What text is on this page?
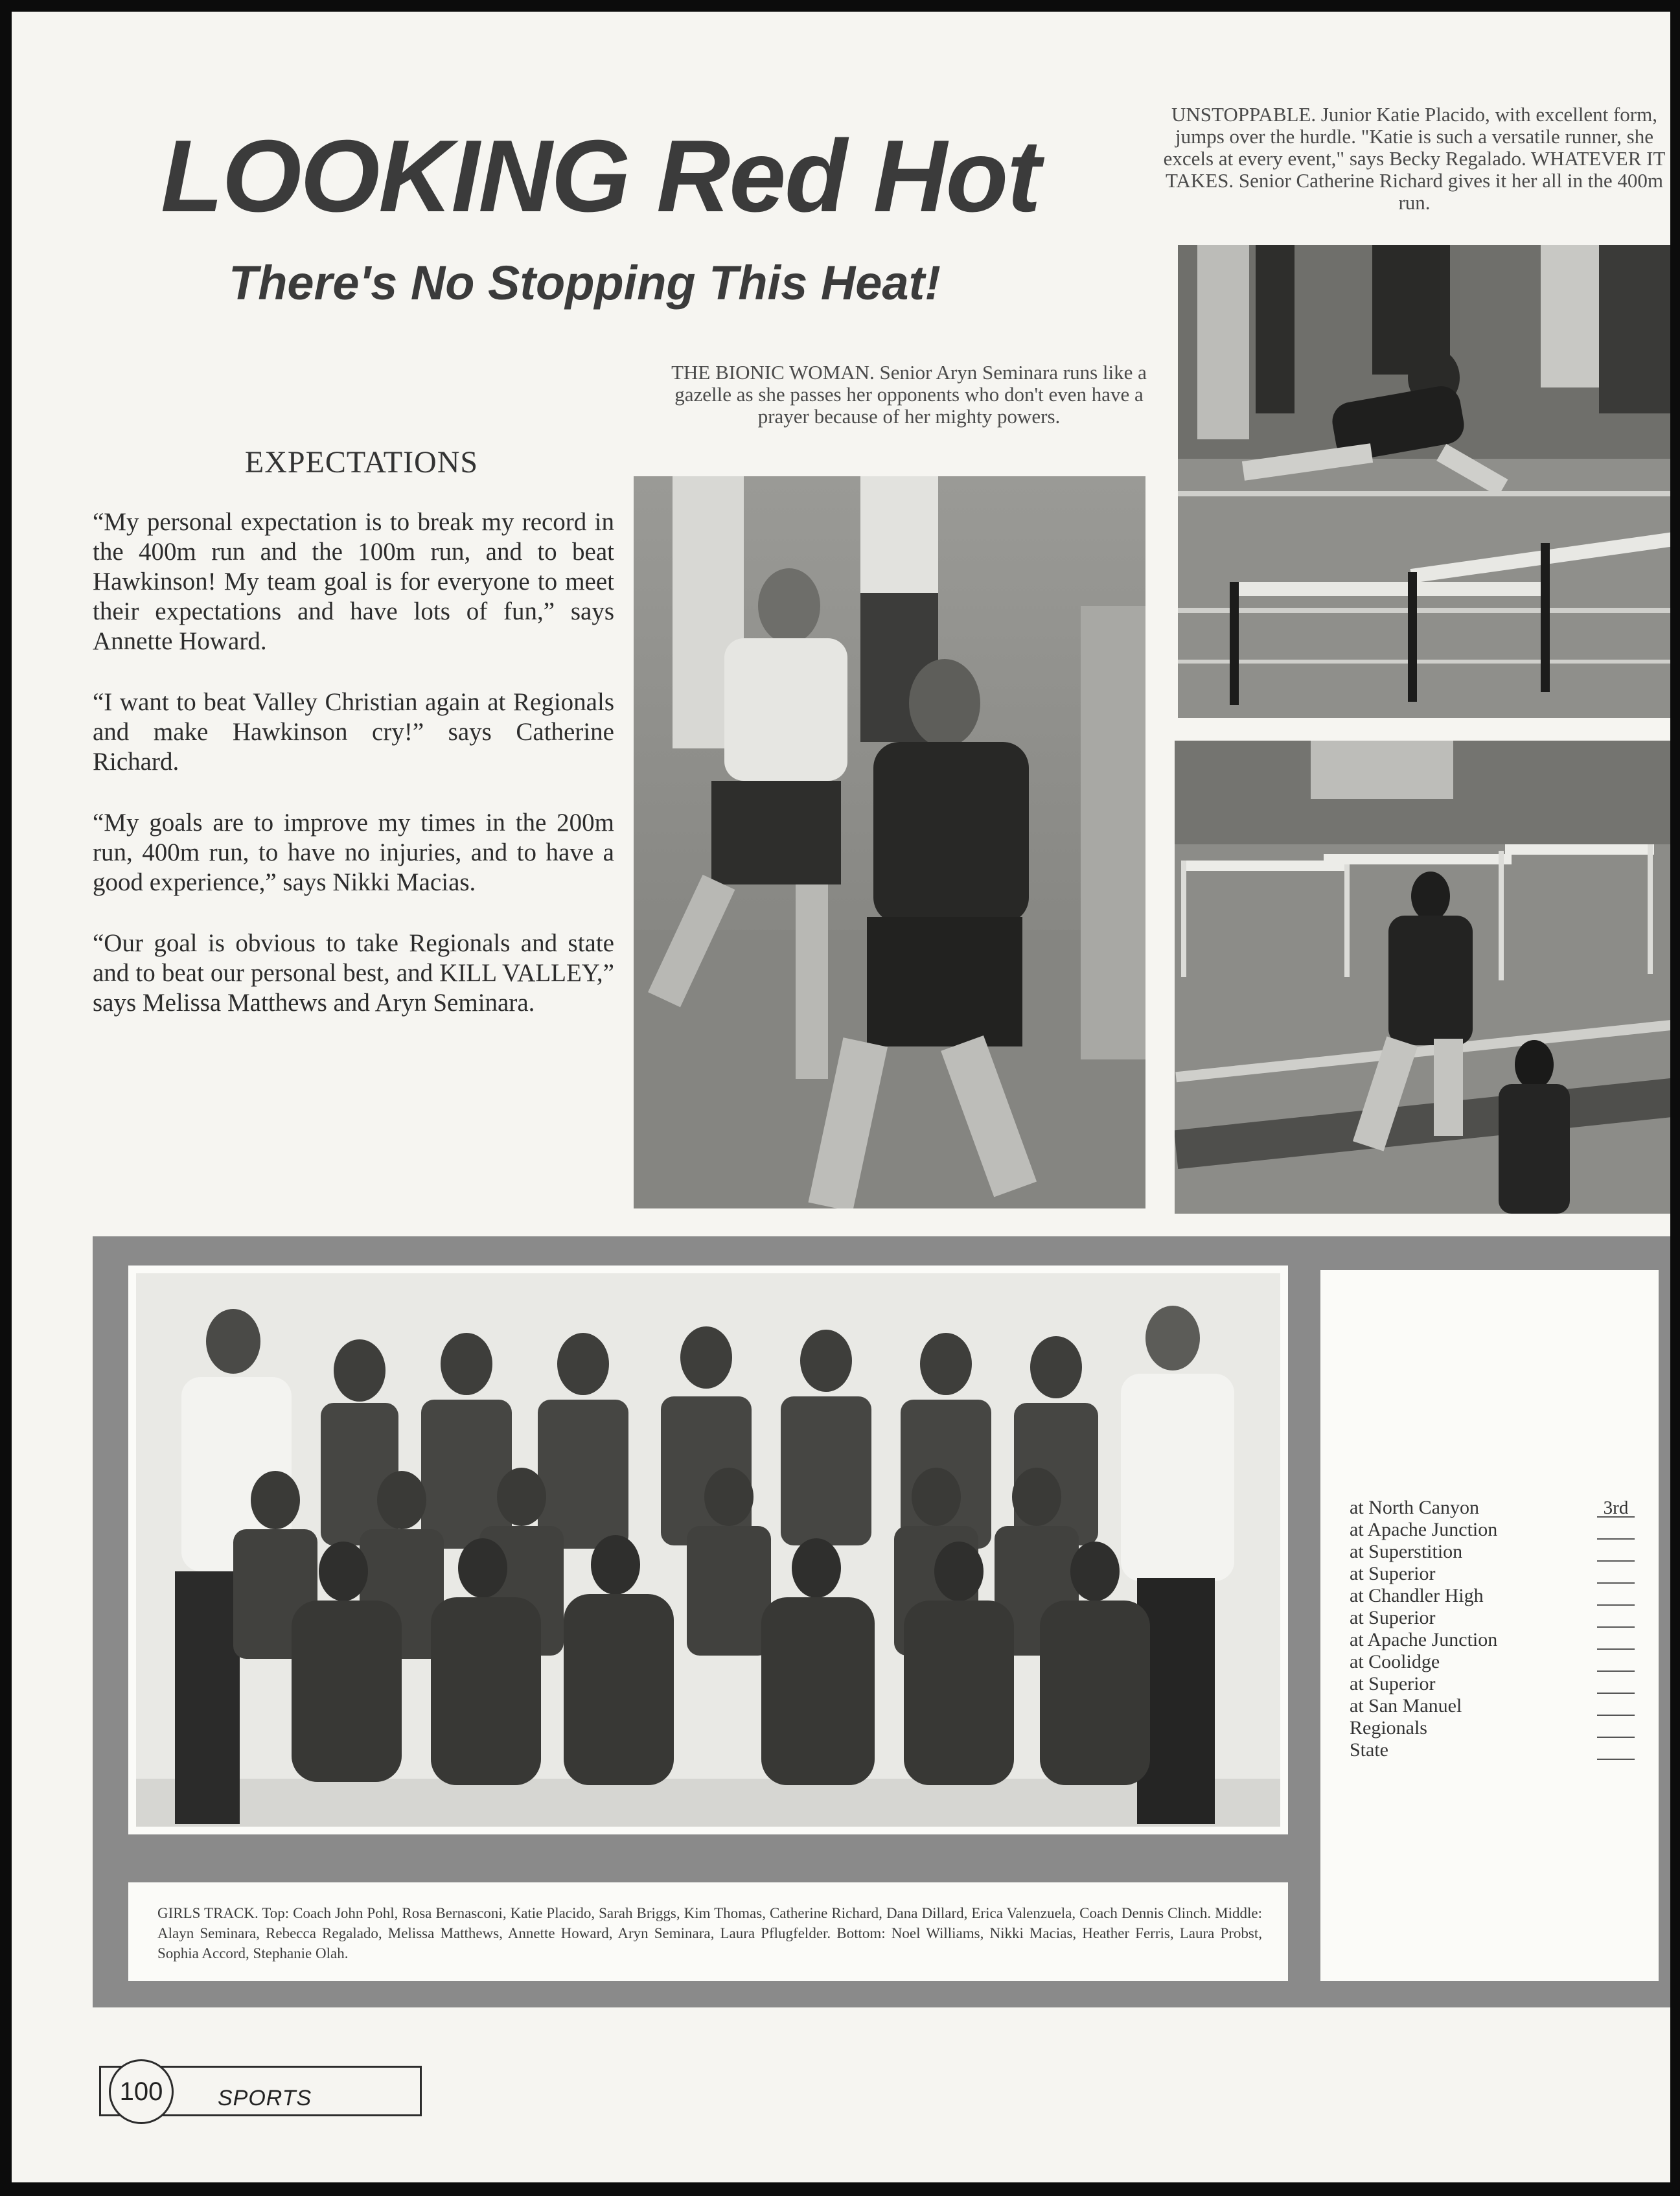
LOOKING Red Hot
There's No Stopping This Heat!
UNSTOPPABLE. Junior Katie Placido, with excellent form, jumps over the hurdle. "Katie is such a versatile runner, she excels at every event," says Becky Regalado. WHATEVER IT TAKES. Senior Catherine Richard gives it her all in the 400m run.
THE BIONIC WOMAN. Senior Aryn Seminara runs like a gazelle as she passes her opponents who don't even have a prayer because of her mighty powers.
EXPECTATIONS

“My personal expectation is to break my record in the 400m run and the 100m run, and to beat Hawkinson! My team goal is for everyone to meet their expectations and have lots of fun,” says Annette Howard.

“I want to beat Valley Christian again at Regionals and make Hawkinson cry!” says Catherine Richard.

“My goals are to improve my times in the 200m run, 400m run, to have no injuries, and to have a good experience,” says Nikki Macias.

“Our goal is obvious to take Regionals and state and to beat our personal best, and KILL VALLEY,” says Melissa Matthews and Aryn Seminara.

GIRLS TRACK. Top: Coach John Pohl, Rosa Bernasconi, Katie Placido, Sarah Briggs, Kim Thomas, Catherine Richard, Dana Dillard, Erica Valenzuela, Coach Dennis Clinch. Middle: Alayn Seminara, Rebecca Regalado, Melissa Matthews, Annette Howard, Aryn Seminara, Laura Pflugfelder. Bottom: Noel Williams, Nikki Macias, Heather Ferris, Laura Probst, Sophia Accord, Stephanie Olah.
at North Canyon	3rd
at Apache Junction
at Superstition
at Superior
at Chandler High
at Superior
at Apache Junction
at Coolidge
at Superior
at San Manuel
Regionals
State
SPORTS
100
